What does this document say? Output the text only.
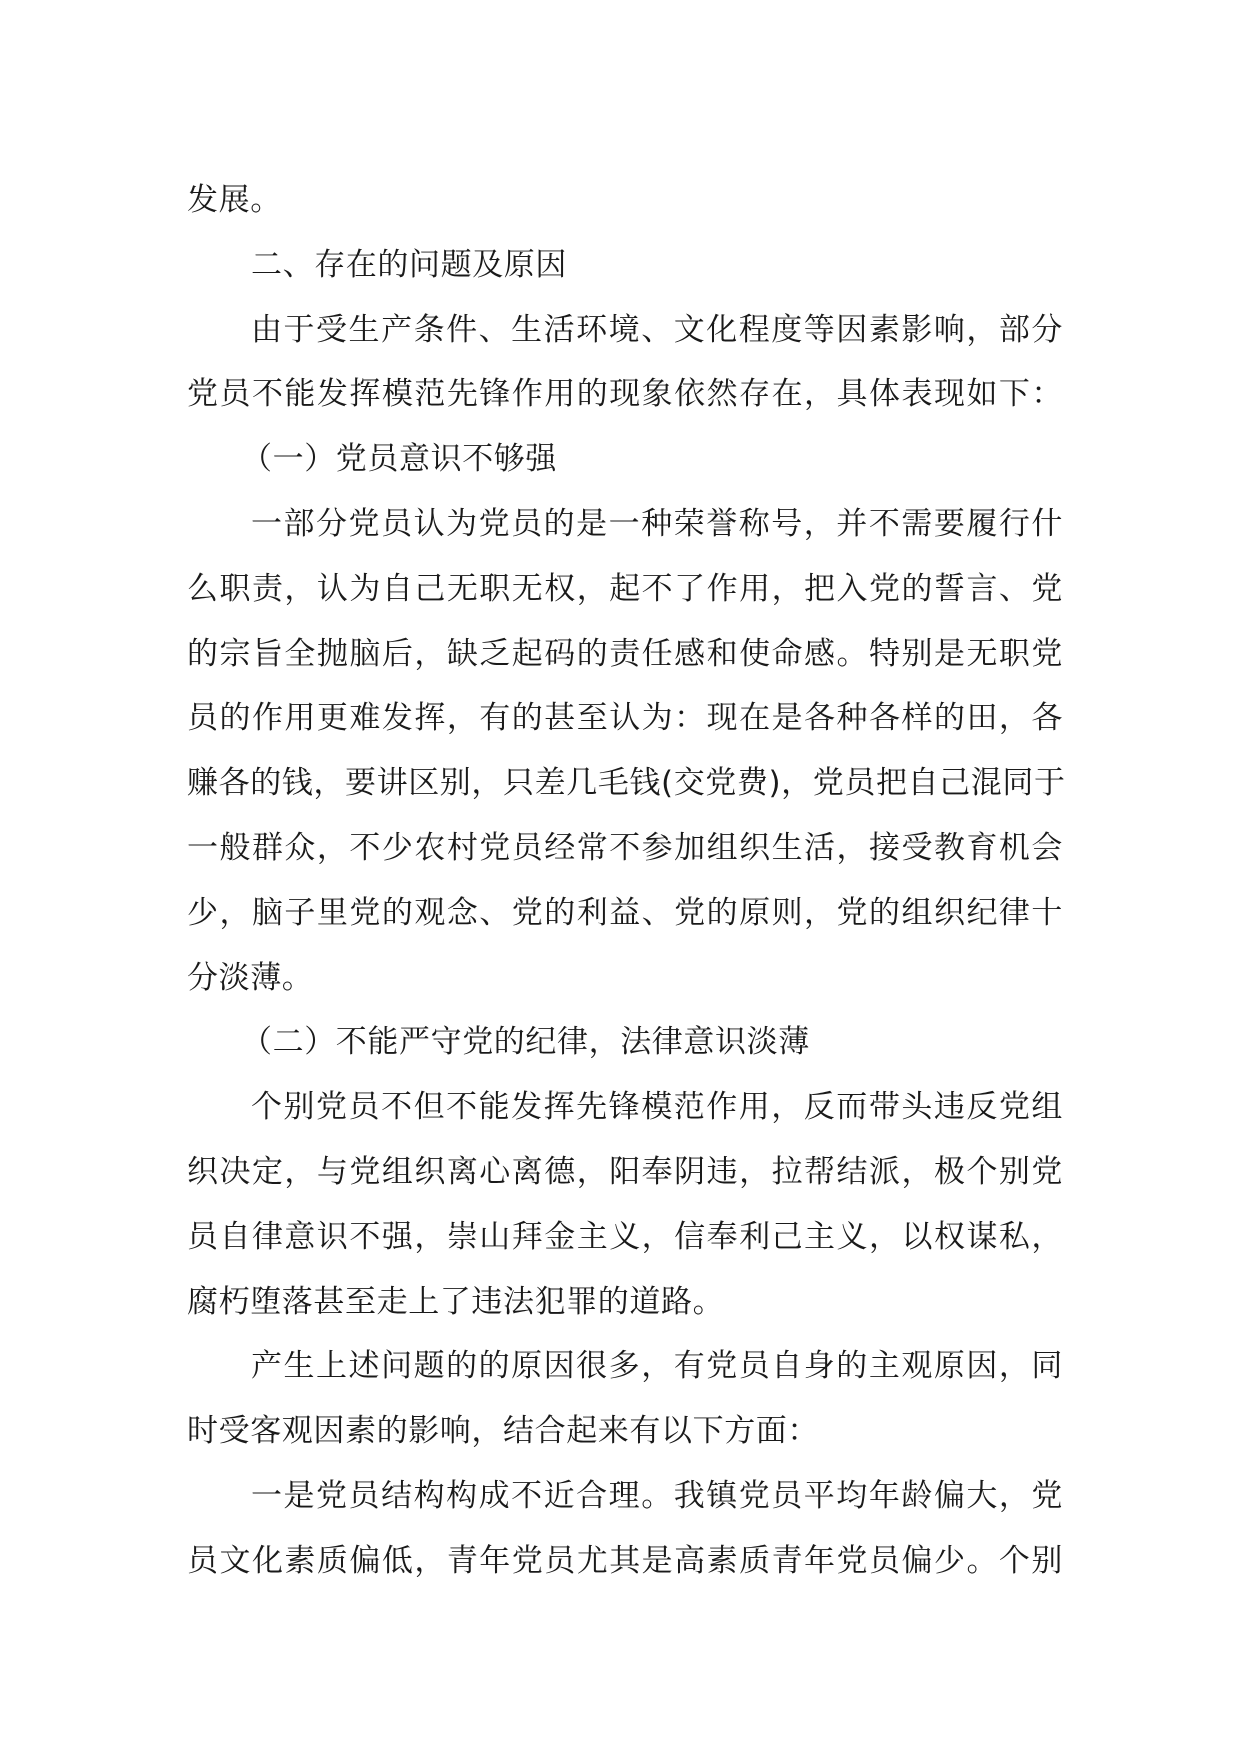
发展。
二、存在的问题及原因
由于受生产条件、生活环境、文化程度等因素影响，部分
党员不能发挥模范先锋作用的现象依然存在，具体表现如下：
（一）党员意识不够强
一部分党员认为党员的是一种荣誉称号，并不需要履行什
么职责，认为自己无职无权，起不了作用，把入党的誓言、党
的宗旨全抛脑后，缺乏起码的责任感和使命感。特别是无职党
员的作用更难发挥，有的甚至认为：现在是各种各样的田，各
赚各的钱，要讲区别，只差几毛钱(交党费)，党员把自己混同于
一般群众，不少农村党员经常不参加组织生活，接受教育机会
少，脑子里党的观念、党的利益、党的原则，党的组织纪律十
分淡薄。
（二）不能严守党的纪律，法律意识淡薄
个别党员不但不能发挥先锋模范作用，反而带头违反党组
织决定，与党组织离心离德，阳奉阴违，拉帮结派，极个别党
员自律意识不强，崇山拜金主义，信奉利己主义，以权谋私，
腐朽堕落甚至走上了违法犯罪的道路。
产生上述问题的的原因很多，有党员自身的主观原因，同
时受客观因素的影响，结合起来有以下方面：
一是党员结构构成不近合理。我镇党员平均年龄偏大，党
员文化素质偏低，青年党员尤其是高素质青年党员偏少。个别
